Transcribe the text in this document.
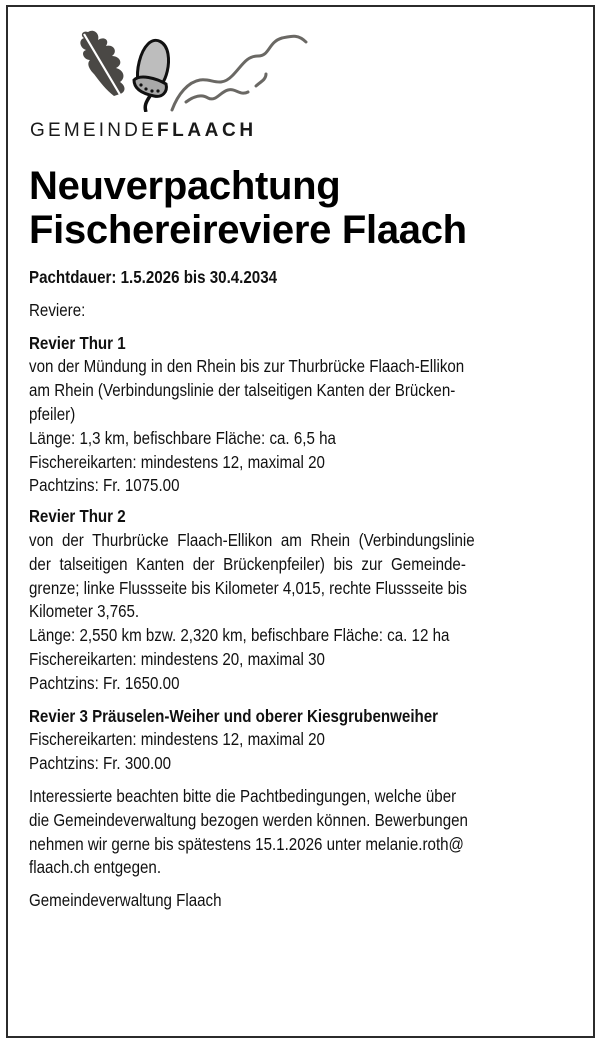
GEMEINDEFLAACH
Neuverpachtung
Fischereireviere Flaach

Pachtdauer: 1.5.2026 bis 30.4.2034

Reviere:

Revier Thur 1

von der Mündung in den Rhein bis zur Thurbrücke Flaach-Ellikon

am Rhein (Verbindungslinie der talseitigen Kanten der Brücken-

pfeiler)

Länge: 1,3 km, befischbare Fläche: ca. 6,5 ha

Fischereikarten: mindestens 12, maximal 20

Pachtzins: Fr. 1075.00

Revier Thur 2

von der Thurbrücke Flaach-Ellikon am Rhein (Verbindungslinie

der talseitigen Kanten der Brückenpfeiler) bis zur Gemeinde-

grenze; linke Flussseite bis Kilometer 4,015, rechte Flussseite bis

Kilometer 3,765.

Länge: 2,550 km bzw. 2,320 km, befischbare Fläche: ca. 12 ha

Fischereikarten: mindestens 20, maximal 30

Pachtzins: Fr. 1650.00

Revier 3 Präuselen-Weiher und oberer Kiesgrubenweiher

Fischereikarten: mindestens 12, maximal 20

Pachtzins: Fr. 300.00

Interessierte beachten bitte die Pachtbedingungen, welche über

die Gemeindeverwaltung bezogen werden können. Bewerbungen

nehmen wir gerne bis spätestens 15.1.2026 unter melanie.roth@

flaach.ch entgegen.

Gemeindeverwaltung Flaach
